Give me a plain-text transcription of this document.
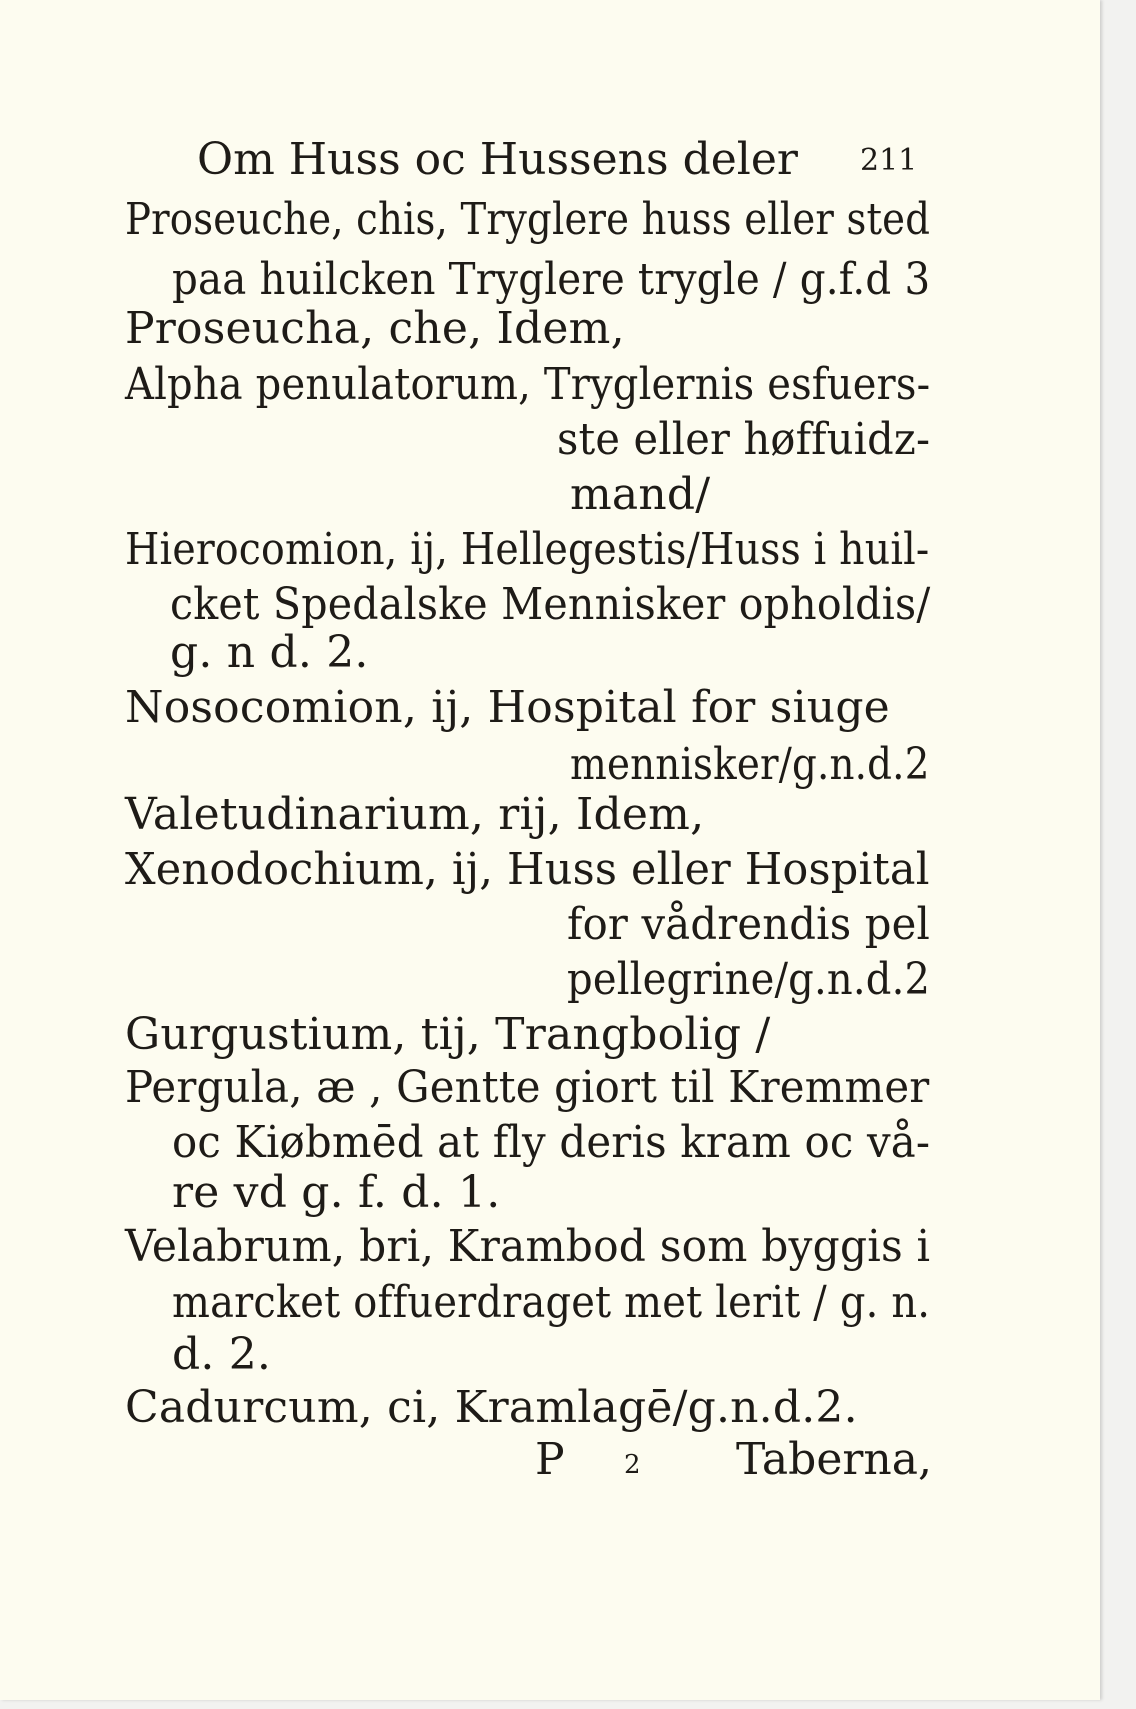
Om Huss oc Hussens deler 211
Proseuche, chis, Tryglere huss eller sted
paa huilcken Tryglere trygle / g.f.d 3
Proseucha, che, Idem,
Alpha penulatorum, Tryglernis esfuers-
ste eller høffuidz-
mand/
Hierocomion, ij, Hellegestis/Huss i huil-
cket Spedalske Mennisker opholdis/
g. n d. 2.
Nosocomion, ij, Hospital for siuge
mennisker/g.n.d.2
Valetudinarium, rij, Idem,
Xenodochium, ij, Huss eller Hospital
for vådrendis pel
pellegrine/g.n.d.2
Gurgustium, tij, Trangbolig /
Pergula, æ , Gentte giort til Kremmer
oc Kiøbmēd at fly deris kram oc vå-
re vd g. f. d. 1.
Velabrum, bri, Krambod som byggis i
marcket offuerdraget met lerit / g. n.
d. 2.
Cadurcum, ci, Kramlagē/g.n.d.2.
P 2 Taberna,
